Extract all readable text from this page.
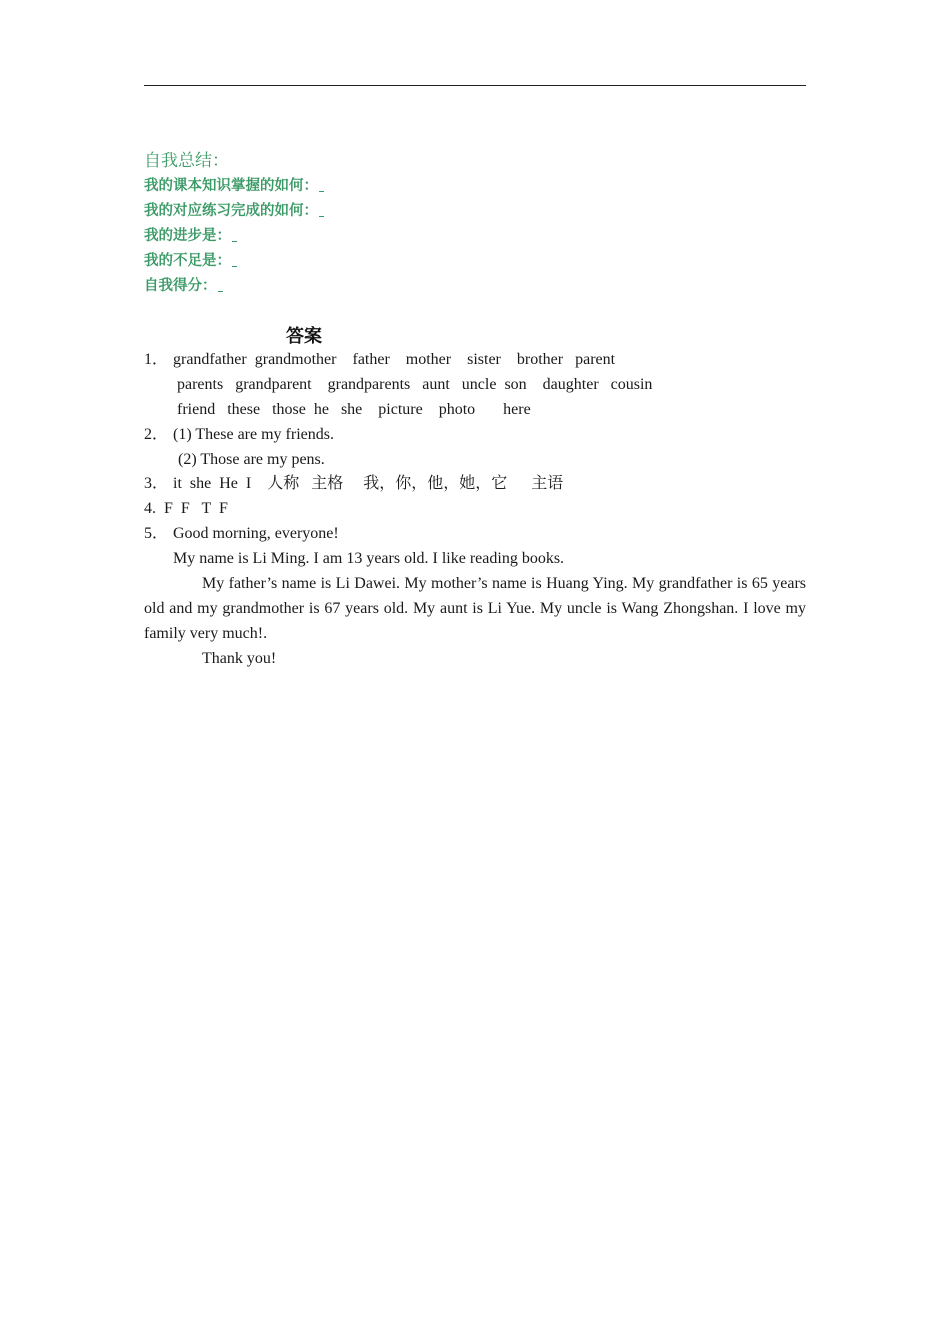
自我总结：
我的课本知识掌握的如何：
我的对应练习完成的如何：
我的进步是：
我的不足是：
自我得分：
答案
1． grandfather  grandmother    father    mother    sister    brother   parent
parents   grandparent    grandparents   aunt   uncle  son    daughter   cousin
friend   these   those  he   she    picture    photo       here
2． (1) These are my friends.
(2) Those are my pens.
3． it  she  He  I    人称   主格     我，你，他，她，它      主语
4.  F  F   T  F
5． Good morning, everyone!
My name is Li Ming. I am 13 years old. I like reading books.
My father’s name is Li Dawei. My mother’s name is Huang Ying. My grandfather is 65 years old and my grandmother is 67 years old. My aunt is Li Yue. My uncle is Wang Zhongshan. I love my family very much!.
Thank you!
